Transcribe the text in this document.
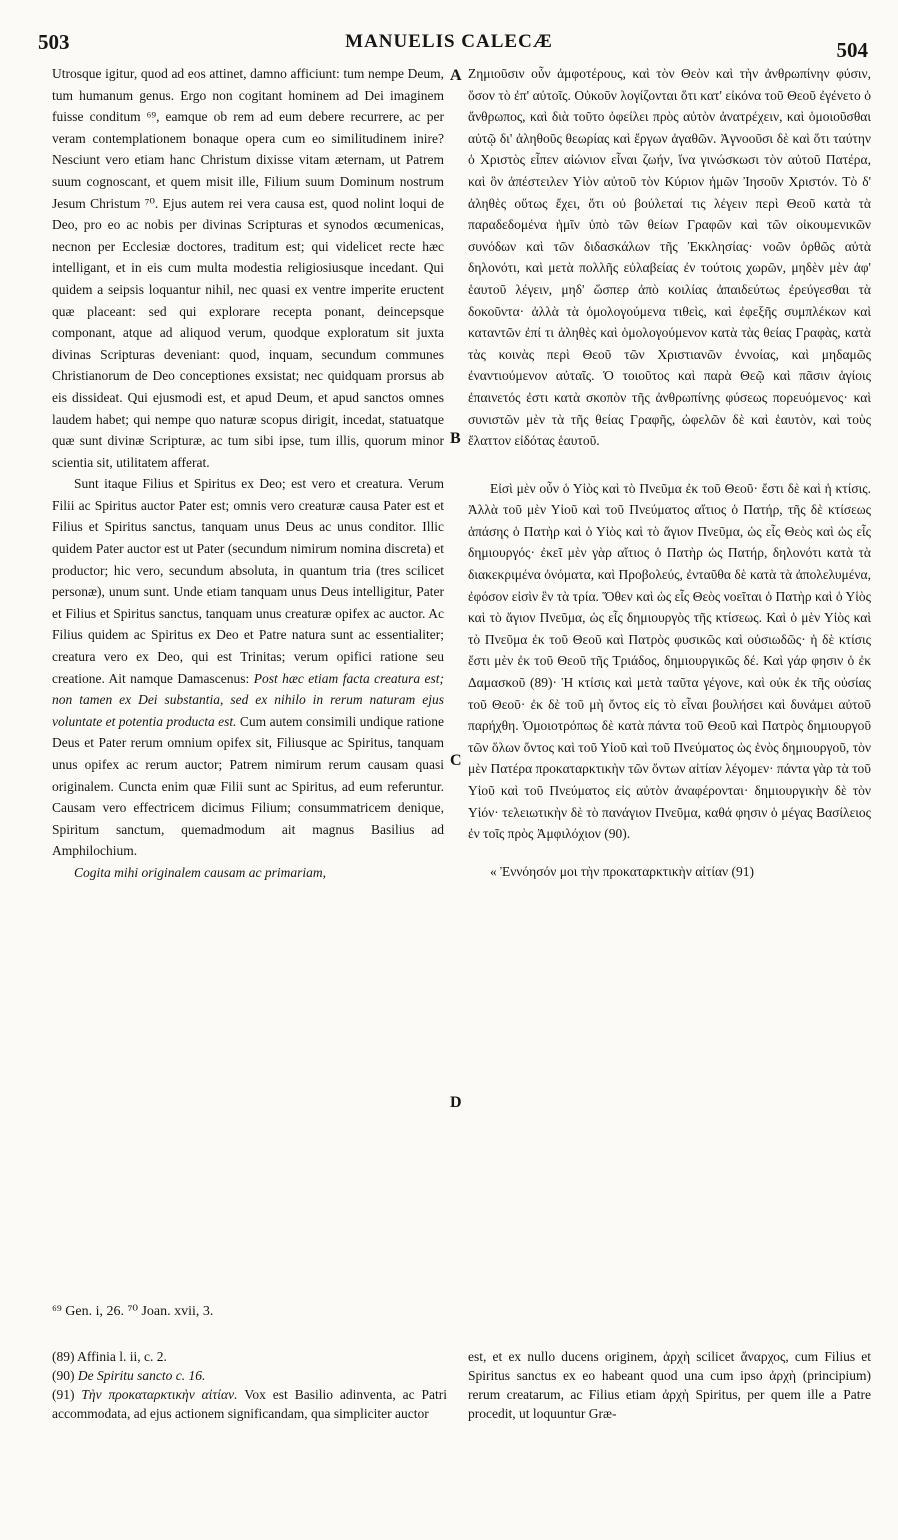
503	MANUELIS CALECÆ	504
A
B
C
D

Utrosque igitur, quod ad eos attinet, damno afficiunt: tum nempe Deum, tum humanum genus. Ergo non cogitant hominem ad Dei imaginem fuisse conditum ⁶⁹, eamque ob rem ad eum debere recurrere, ac per veram contemplationem bonaque opera cum eo similitudinem inire? Nesciunt vero etiam hanc Christum dixisse vitam æternam, ut Patrem suum cognoscant, et quem misit ille, Filium suum Dominum nostrum Jesum Christum ⁷⁰. Ejus autem rei vera causa est, quod nolint loqui de Deo, pro eo ac nobis per divinas Scripturas et synodos œcumenicas, necnon per Ecclesiæ doctores, traditum est; qui videlicet recte hæc intelligant, et in eis cum multa modestia religiosiusque incedant. Qui quidem a seipsis loquantur nihil, nec quasi ex ventre imperite eructent quæ placeant: sed qui explorare recepta ponant, deincepsque componant, atque ad aliquod verum, quodque exploratum sit juxta divinas Scripturas deveniant: quod, inquam, secundum communes Christianorum de Deo conceptiones exsistat; nec quidquam prorsus ab eis dissideat. Qui ejusmodi est, et apud Deum, et apud sanctos omnes laudem habet; qui nempe quo naturæ scopus dirigit, incedat, statuatque quæ sunt divinæ Scripturæ, ac tum sibi ipse, tum illis, quorum minor scientia sit, utilitatem afferat.

Sunt itaque Filius et Spiritus ex Deo; est vero et creatura. Verum Filii ac Spiritus auctor Pater est; omnis vero creaturæ causa Pater est et Filius et Spiritus sanctus, tanquam unus Deus ac unus conditor. Illic quidem Pater auctor est ut Pater (secundum nimirum nomina discreta) et productor; hic vero, secundum absoluta, in quantum tria (tres scilicet personæ), unum sunt. Unde etiam tanquam unus Deus intelligitur, Pater et Filius et Spiritus sanctus, tanquam unus creaturæ opifex ac auctor. Ac Filius quidem ac Spiritus ex Deo et Patre natura sunt ac essentialiter; creatura vero ex Deo, qui est Trinitas; verum opifici ratione seu creatione. Ait namque Damascenus: Post hæc etiam facta creatura est; non tamen ex Dei substantia, sed ex nihilo in rerum naturam ejus voluntate et potentia producta est. Cum autem consimili undique ratione Deus et Pater rerum omnium opifex sit, Filiusque ac Spiritus, tanquam unus opifex ac rerum auctor; Patrem nimirum rerum causam quasi originalem. Cuncta enim quæ Filii sunt ac Spiritus, ad eum referuntur. Causam vero effectricem dicimus Filium; consummatricem denique, Spiritum sanctum, quemadmodum ait magnus Basilius ad Amphilochium.

Cogita mihi originalem causam ac primariam,

Ζημιοῦσιν οὖν ἀμφοτέρους, καὶ τὸν Θεὸν καὶ τὴν ἀνθρωπίνην φύσιν, ὅσον τὸ ἐπ' αὐτοῖς. Οὐκοῦν λογίζονται ὅτι κατ' εἰκόνα τοῦ Θεοῦ ἐγένετο ὁ ἄνθρωπος, καὶ διὰ τοῦτο ὀφείλει πρὸς αὐτὸν ἀνατρέχειν, καὶ ὁμοιοῦσθαι αὐτῷ δι' ἀληθοῦς θεωρίας καὶ ἔργων ἀγαθῶν. Ἀγνοοῦσι δὲ καὶ ὅτι ταύτην ὁ Χριστὸς εἶπεν αἰώνιον εἶναι ζωήν, ἵνα γινώσκωσι τὸν αὐτοῦ Πατέρα, καὶ ὃν ἀπέστειλεν Υἱὸν αὐτοῦ τὸν Κύριον ἡμῶν Ἰησοῦν Χριστόν. Τὸ δ' ἀληθὲς οὕτως ἔχει, ὅτι οὐ βούλεταί τις λέγειν περὶ Θεοῦ κατὰ τὰ παραδεδομένα ἡμῖν ὑπὸ τῶν θείων Γραφῶν καὶ τῶν οἰκουμενικῶν συνόδων καὶ τῶν διδασκάλων τῆς Ἐκκλησίας· νοῶν ὀρθῶς αὐτὰ δηλονότι, καὶ μετὰ πολλῆς εὐλαβείας ἐν τούτοις χωρῶν, μηδὲν μὲν ἀφ' ἑαυτοῦ λέγειν, μηδ' ὥσπερ ἀπὸ κοιλίας ἀπαιδεύτως ἐρεύγεσθαι τὰ δοκοῦντα· ἀλλὰ τὰ ὁμολογούμενα τιθεὶς, καὶ ἐφεξῆς συμπλέκων καὶ καταντῶν ἐπί τι ἀληθὲς καὶ ὁμολογούμενον κατὰ τὰς θείας Γραφὰς, κατὰ τὰς κοινὰς περὶ Θεοῦ τῶν Χριστιανῶν ἐννοίας, καὶ μηδαμῶς ἐναντιούμενον αὐταῖς. Ὁ τοιοῦτος καὶ παρὰ Θεῷ καὶ πᾶσιν ἁγίοις ἐπαινετός ἐστι κατὰ σκοπὸν τῆς ἀνθρωπίνης φύσεως πορευόμενος· καὶ συνιστῶν μὲν τὰ τῆς θείας Γραφῆς, ὠφελῶν δὲ καὶ ἑαυτὸν, καὶ τοὺς ἔλαττον εἰδότας ἑαυτοῦ.

Εἰσὶ μὲν οὖν ὁ Υἱὸς καὶ τὸ Πνεῦμα ἐκ τοῦ Θεοῦ· ἔστι δὲ καὶ ἡ κτίσις. Ἀλλὰ τοῦ μὲν Υἱοῦ καὶ τοῦ Πνεύματος αἴτιος ὁ Πατήρ, τῆς δὲ κτίσεως ἁπάσης ὁ Πατὴρ καὶ ὁ Υἱὸς καὶ τὸ ἅγιον Πνεῦμα, ὡς εἷς Θεὸς καὶ ὡς εἷς δημιουργός· ἐκεῖ μὲν γὰρ αἴτιος ὁ Πατὴρ ὡς Πατήρ, δηλονότι κατὰ τὰ διακεκριμένα ὀνόματα, καὶ Προβολεύς, ἐνταῦθα δὲ κατὰ τὰ ἀπολελυμένα, ἐφόσον εἰσὶν ἓν τὰ τρία. Ὅθεν καὶ ὡς εἷς Θεὸς νοεῖται ὁ Πατὴρ καὶ ὁ Υἱὸς καὶ τὸ ἅγιον Πνεῦμα, ὡς εἷς δημιουργὸς τῆς κτίσεως. Καὶ ὁ μὲν Υἱὸς καὶ τὸ Πνεῦμα ἐκ τοῦ Θεοῦ καὶ Πατρὸς φυσικῶς καὶ οὐσιωδῶς· ἡ δὲ κτίσις ἔστι μὲν ἐκ τοῦ Θεοῦ τῆς Τριάδος, δημιουργικῶς δέ. Καὶ γάρ φησιν ὁ ἐκ Δαμασκοῦ (89)· Ἡ κτίσις καὶ μετὰ ταῦτα γέγονε, καὶ οὐκ ἐκ τῆς οὐσίας τοῦ Θεοῦ· ἐκ δὲ τοῦ μὴ ὄντος εἰς τὸ εἶναι βουλήσει καὶ δυνάμει αὐτοῦ παρήχθη. Ὁμοιοτρόπως δὲ κατὰ πάντα τοῦ Θεοῦ καὶ Πατρὸς δημιουργοῦ τῶν ὅλων ὄντος καὶ τοῦ Υἱοῦ καὶ τοῦ Πνεύματος ὡς ἑνὸς δημιουργοῦ, τὸν μὲν Πατέρα προκαταρκτικὴν τῶν ὄντων αἰτίαν λέγομεν· πάντα γὰρ τὰ τοῦ Υἱοῦ καὶ τοῦ Πνεύματος εἰς αὐτὸν ἀναφέρονται· δημιουργικὴν δὲ τὸν Υἱόν· τελειωτικὴν δὲ τὸ πανάγιον Πνεῦμα, καθά φησιν ὁ μέγας Βασίλειος ἐν τοῖς πρὸς Ἀμφιλόχιον (90).

« Ἐννόησόν μοι τὴν προκαταρκτικὴν αἰτίαν (91)

⁶⁹ Gen. i, 26. ⁷⁰ Joan. xvii, 3.

(89) Affinia l. ii, c. 2.

(90) De Spiritu sancto c. 16.

(91) Τὴν προκαταρκτικὴν αἰτίαν. Vox est Basilio adinventa, ac Patri accommodata, ad ejus actionem significandam, qua simpliciter auctor

est, et ex nullo ducens originem, ἀρχὴ scilicet ἄναρχος, cum Filius et Spiritus sanctus ex eo habeant quod una cum ipso ἀρχὴ (principium) rerum creatarum, ac Filius etiam ἀρχὴ Spiritus, per quem ille a Patre procedit, ut loquuntur Græ-
